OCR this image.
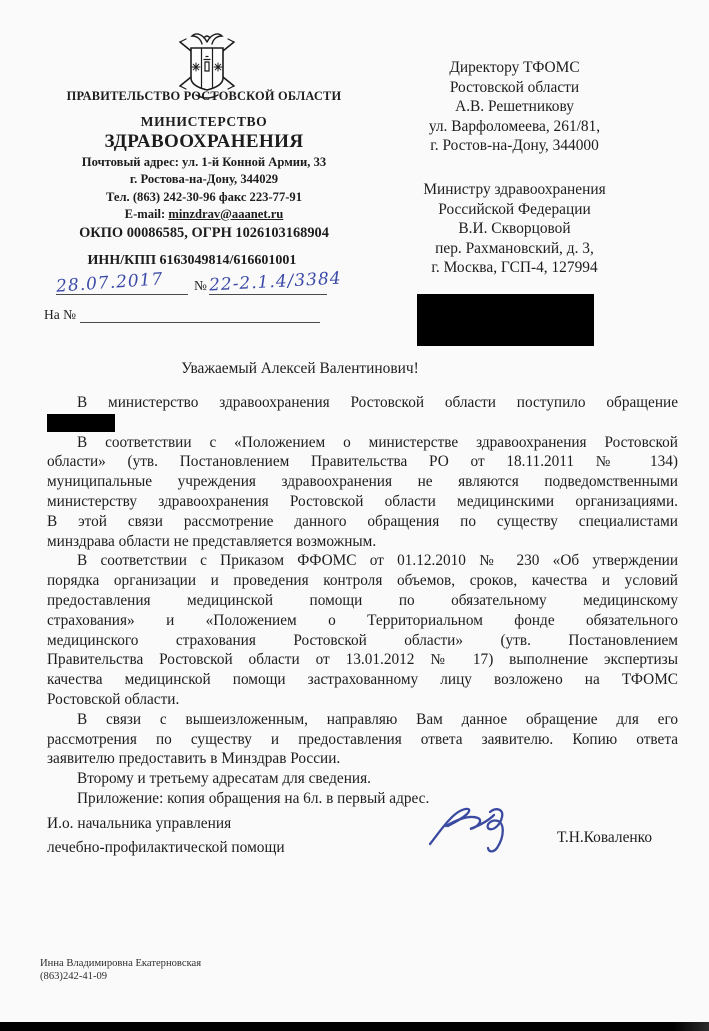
ПРАВИТЕЛЬСТВО РОСТОВСКОЙ ОБЛАСТИ
МИНИСТЕРСТВО
ЗДРАВООХРАНЕНИЯ
Почтовый адрес: ул. 1-й Конной Армии, 33
г. Ростова-на-Дону, 344029
Тел. (863) 242-30-96 факс 223-77-91
E-mail: minzdrav@aaanet.ru
ОКПО 00086585, ОГРН 1026103168904
ИНН/КПП 6163049814/616601001
28.07.2017 №22-2.1.4/3384
На №
Директору ТФОМС
Ростовской области
А.В. Решетникову
ул. Варфоломеева, 261/81,
г. Ростов-на-Дону, 344000
Министру здравоохранения
Российской Федерации
В.И. Скворцовой
пер. Рахмановский, д. 3,
г. Москва, ГСП-4, 127994
Уважаемый Алексей Валентинович!
В министерство здравоохранения Ростовской области поступило обращение
В соответствии с «Положением о министерстве здравоохранения Ростовской
области» (утв. Постановлением Правительства РО от 18.11.2011 № 134)
муниципальные учреждения здравоохранения не являются подведомственными
министерству здравоохранения Ростовской области медицинскими организациями.
В этой связи рассмотрение данного обращения по существу специалистами
минздрава области не представляется возможным.
В соответствии с Приказом ФФОМС от 01.12.2010 № 230 «Об утверждении
порядка организации и проведения контроля объемов, сроков, качества и условий
предоставления медицинской помощи по обязательному медицинскому
страхования» и «Положением о Территориальном фонде обязательного
медицинского страхования Ростовской области» (утв. Постановлением
Правительства Ростовской области от 13.01.2012 № 17) выполнение экспертизы
качества медицинской помощи застрахованному лицу возложено на ТФОМС
Ростовской области.
В связи с вышеизложенным, направляю Вам данное обращение для его
рассмотрения по существу и предоставления ответа заявителю. Копию ответа
заявителю предоставить в Минздрав России.
Второму и третьему адресатам для сведения.
Приложение: копия обращения на 6л. в первый адрес.
И.о. начальника управления
лечебно-профилактической помощи
Т.Н.Коваленко
Инна Владимировна Екатерновская
(863)242-41-09
